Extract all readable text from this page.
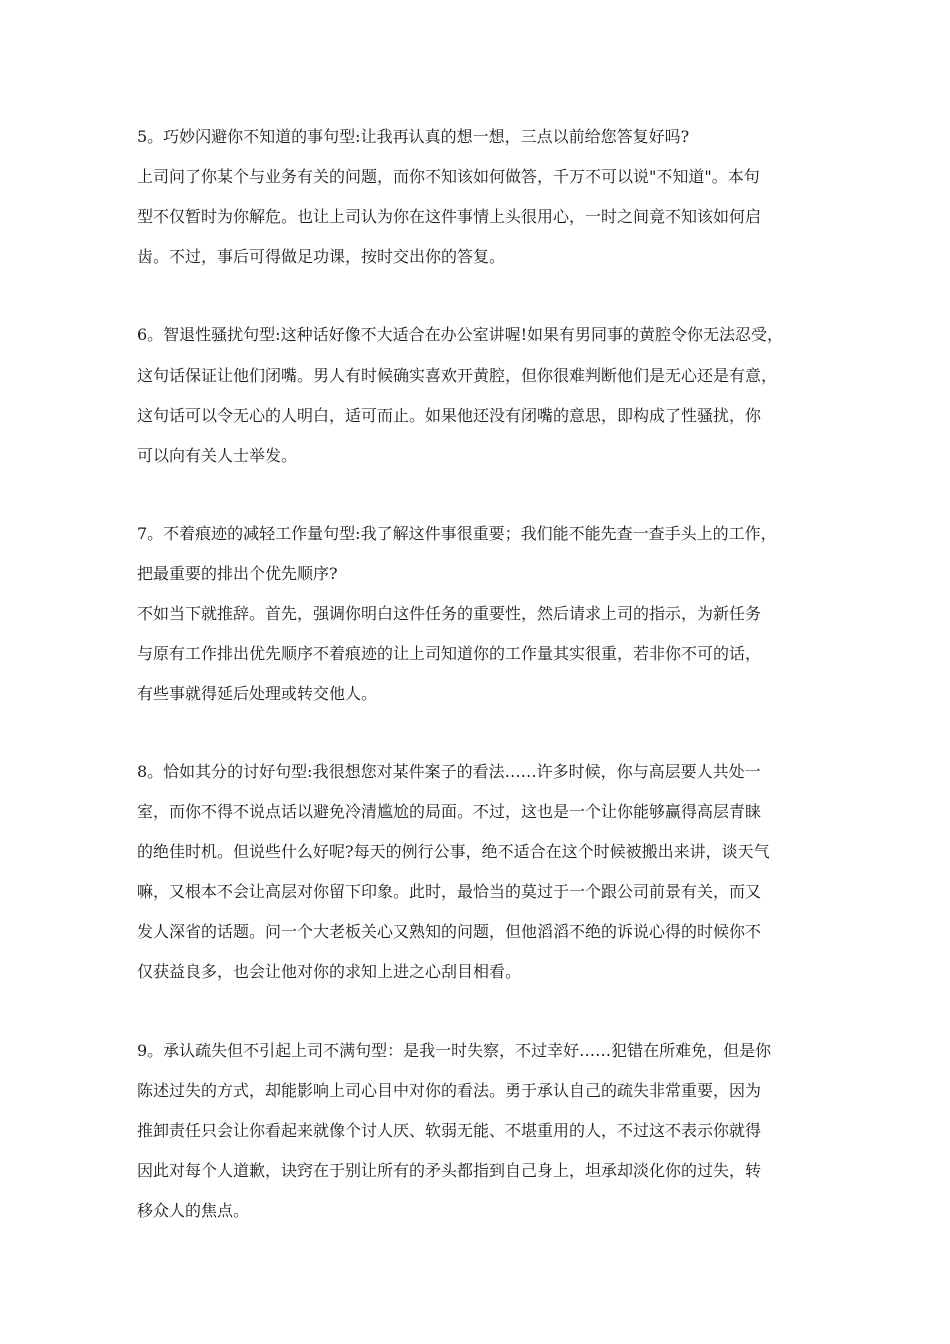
5。巧妙闪避你不知道的事句型:让我再认真的想一想，三点以前给您答复好吗?
上司问了你某个与业务有关的问题，而你不知该如何做答，千万不可以说"不知道"。本句
型不仅暂时为你解危。也让上司认为你在这件事情上头很用心，一时之间竟不知该如何启
齿。不过，事后可得做足功课，按时交出你的答复。
6。智退性骚扰句型:这种话好像不大适合在办公室讲喔!如果有男同事的黄腔令你无法忍受，
这句话保证让他们闭嘴。男人有时候确实喜欢开黄腔，但你很难判断他们是无心还是有意，
这句话可以令无心的人明白，适可而止。如果他还没有闭嘴的意思，即构成了性骚扰，你
可以向有关人士举发。
7。不着痕迹的减轻工作量句型:我了解这件事很重要；我们能不能先查一查手头上的工作，
把最重要的排出个优先顺序?
不如当下就推辞。首先，强调你明白这件任务的重要性，然后请求上司的指示，为新任务
与原有工作排出优先顺序不着痕迹的让上司知道你的工作量其实很重，若非你不可的话，
有些事就得延后处理或转交他人。
8。恰如其分的讨好句型:我很想您对某件案子的看法……许多时候，你与高层要人共处一
室，而你不得不说点话以避免冷清尴尬的局面。不过，这也是一个让你能够赢得高层青睐
的绝佳时机。但说些什么好呢?每天的例行公事，绝不适合在这个时候被搬出来讲，谈天气
嘛，又根本不会让高层对你留下印象。此时，最恰当的莫过于一个跟公司前景有关，而又
发人深省的话题。问一个大老板关心又熟知的问题，但他滔滔不绝的诉说心得的时候你不
仅获益良多，也会让他对你的求知上进之心刮目相看。
9。承认疏失但不引起上司不满句型：是我一时失察，不过幸好……犯错在所难免，但是你
陈述过失的方式，却能影响上司心目中对你的看法。勇于承认自己的疏失非常重要，因为
推卸责任只会让你看起来就像个讨人厌、软弱无能、不堪重用的人，不过这不表示你就得
因此对每个人道歉，诀窍在于别让所有的矛头都指到自己身上，坦承却淡化你的过失，转
移众人的焦点。
